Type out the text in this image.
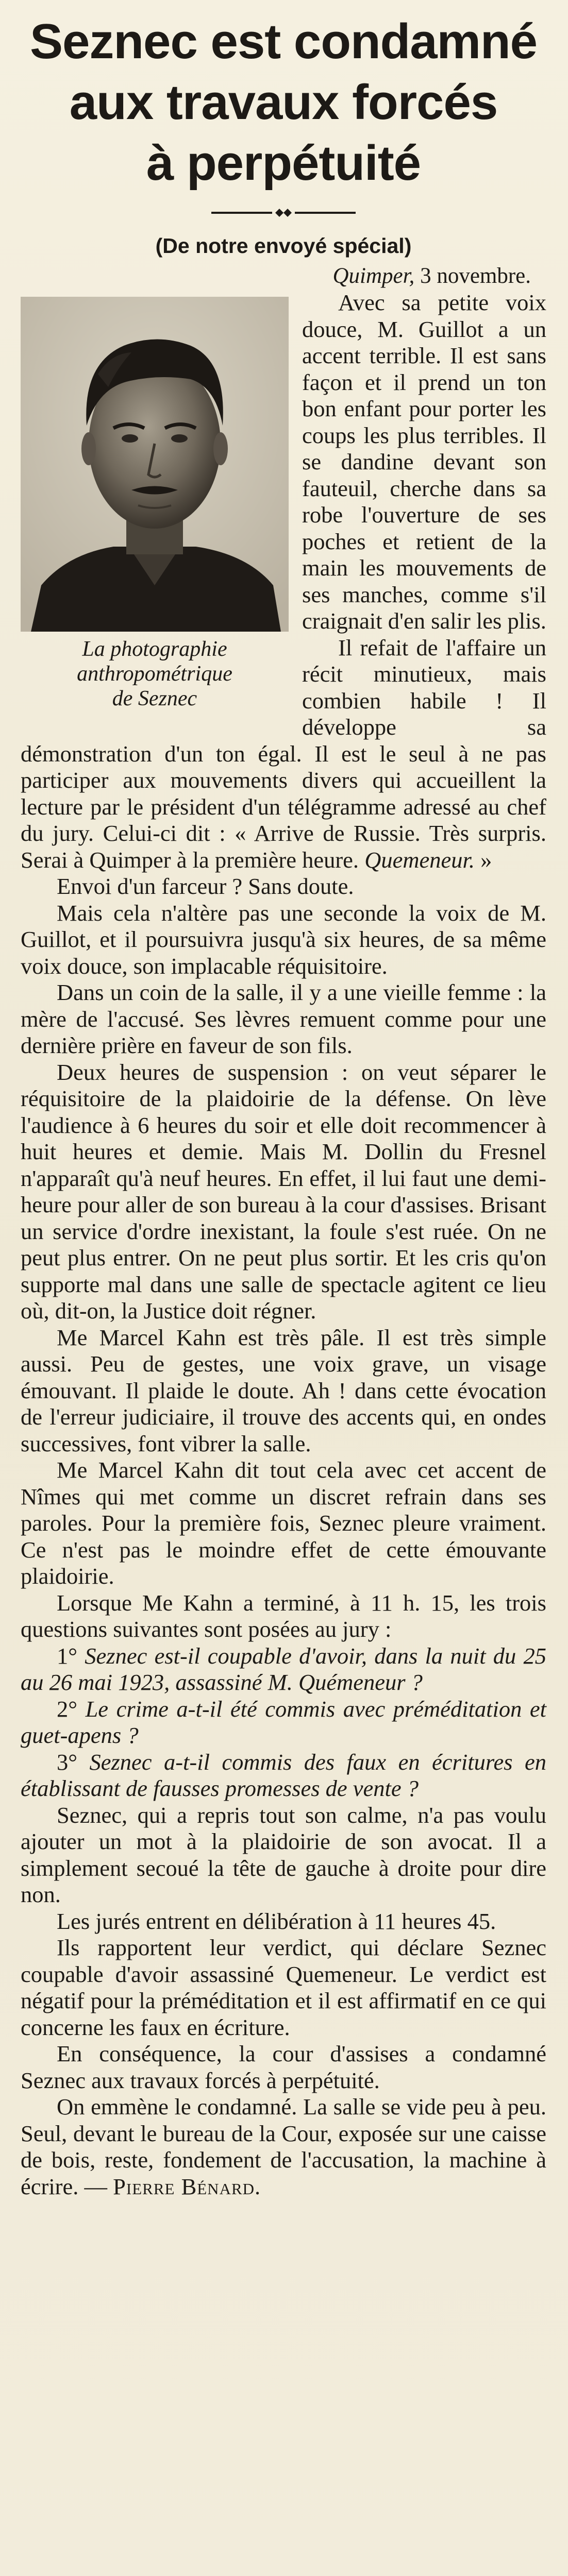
Seznec est condamné
aux travaux forcés
à perpétuité
(De notre envoyé spécial)
Quimper, 3 novembre.
La photographie
anthropométrique
de Seznec

Avec sa petite voix douce, M. Guillot a un accent terrible. Il est sans façon et il prend un ton bon enfant pour porter les coups les plus terribles. Il se dandine devant son fauteuil, cherche dans sa robe l'ouverture de ses poches et retient de la main les mouvements de ses manches, comme s'il craignait d'en salir les plis.

Il refait de l'affaire un récit minutieux, mais combien habile ! Il développe sa démonstration d'un ton égal. Il est le seul à ne pas participer aux mouvements divers qui accueillent la lecture par le président d'un télégramme adressé au chef du jury. Celui-ci dit : « Arrive de Russie. Très surpris. Serai à Quimper à la première heure. Quemeneur. »

Envoi d'un farceur ? Sans doute.

Mais cela n'altère pas une seconde la voix de M. Guillot, et il poursuivra jusqu'à six heures, de sa même voix douce, son implacable réquisitoire.

Dans un coin de la salle, il y a une vieille femme : la mère de l'accusé. Ses lèvres remuent comme pour une dernière prière en faveur de son fils.

Deux heures de suspension : on veut séparer le réquisitoire de la plaidoirie de la défense. On lève l'audience à 6 heures du soir et elle doit recommencer à huit heures et demie. Mais M. Dollin du Fresnel n'apparaît qu'à neuf heures. En effet, il lui faut une demi-heure pour aller de son bureau à la cour d'assises. Brisant un service d'ordre inexistant, la foule s'est ruée. On ne peut plus entrer. On ne peut plus sortir. Et les cris qu'on supporte mal dans une salle de spectacle agitent ce lieu où, dit-on, la Justice doit régner.

Me Marcel Kahn est très pâle. Il est très simple aussi. Peu de gestes, une voix grave, un visage émouvant. Il plaide le doute. Ah ! dans cette évocation de l'erreur judiciaire, il trouve des accents qui, en ondes successives, font vibrer la salle.

Me Marcel Kahn dit tout cela avec cet accent de Nîmes qui met comme un discret refrain dans ses paroles. Pour la première fois, Seznec pleure vraiment. Ce n'est pas le moindre effet de cette émouvante plaidoirie.

Lorsque Me Kahn a terminé, à 11 h. 15, les trois questions suivantes sont posées au jury :

1° Seznec est-il coupable d'avoir, dans la nuit du 25 au 26 mai 1923, assassiné M. Quémeneur ?

2° Le crime a-t-il été commis avec préméditation et guet-apens ?

3° Seznec a-t-il commis des faux en écritures en établissant de fausses promesses de vente ?

Seznec, qui a repris tout son calme, n'a pas voulu ajouter un mot à la plaidoirie de son avocat. Il a simplement secoué la tête de gauche à droite pour dire non.

Les jurés entrent en délibération à 11 heures 45.

Ils rapportent leur verdict, qui déclare Seznec coupable d'avoir assassiné Quemeneur. Le verdict est négatif pour la préméditation et il est affirmatif en ce qui concerne les faux en écriture.

En conséquence, la cour d'assises a condamné Seznec aux travaux forcés à perpétuité.

On emmène le condamné. La salle se vide peu à peu. Seul, devant le bureau de la Cour, exposée sur une caisse de bois, reste, fondement de l'accusation, la machine à écrire. — Pierre Bénard.
